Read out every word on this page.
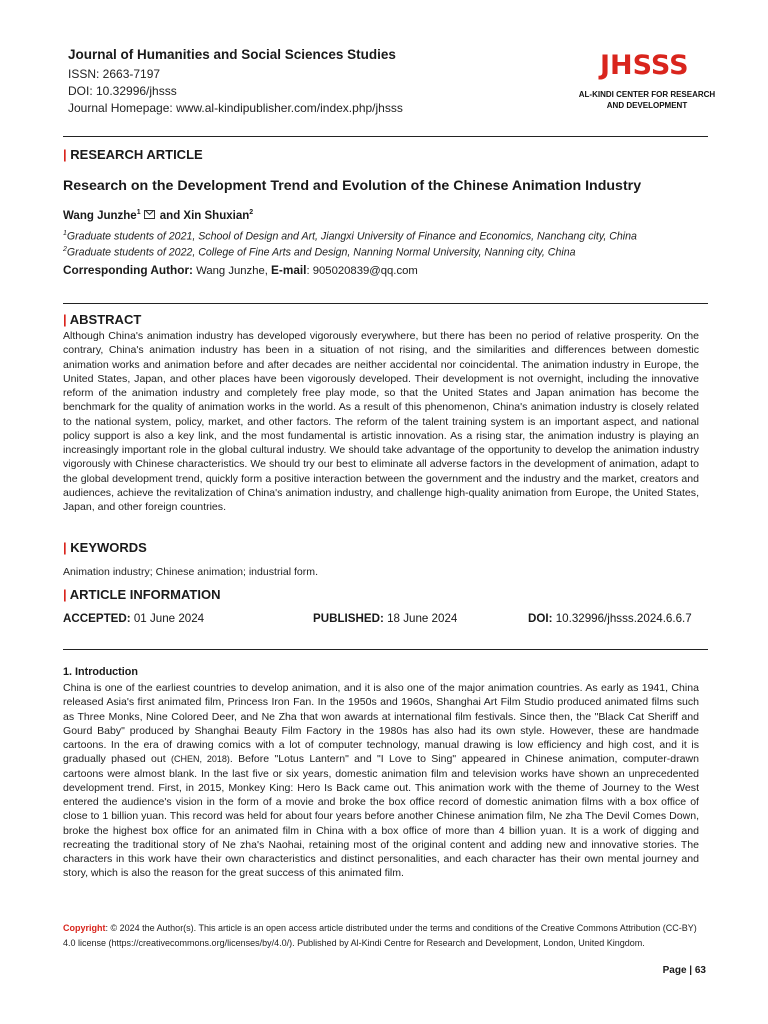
Journal of Humanities and Social Sciences Studies
ISSN: 2663-7197
DOI: 10.32996/jhsss
Journal Homepage: www.al-kindipublisher.com/index.php/jhsss
JHSSS
AL-KINDI CENTER FOR RESEARCH
AND DEVELOPMENT
| RESEARCH ARTICLE
Research on the Development Trend and Evolution of the Chinese Animation Industry
Wang Junzhe$^1$ and Xin Shuxian$^2$
$^1$Graduate students of 2021, School of Design and Art, Jiangxi University of Finance and Economics, Nanchang city, China
$^2$Graduate students of 2022, College of Fine Arts and Design, Nanning Normal University, Nanning city, China
Corresponding Author: Wang Junzhe, E-mail: 905020839@qq.com
| ABSTRACT
Although China's animation industry has developed vigorously everywhere, but there has been no period of relative prosperity. On the contrary, China's animation industry has been in a situation of not rising, and the similarities and differences between domestic animation works and animation before and after decades are neither accidental nor coincidental. The animation industry in Europe, the United States, Japan, and other places have been vigorously developed. Their development is not overnight, including the innovative reform of the animation industry and completely free play mode, so that the United States and Japan animation has become the benchmark for the quality of animation works in the world. As a result of this phenomenon, China's animation industry is closely related to the national system, policy, market, and other factors. The reform of the talent training system is an important aspect, and national policy support is also a key link, and the most fundamental is artistic innovation. As a rising star, the animation industry is playing an increasingly important role in the global cultural industry. We should take advantage of the opportunity to develop the animation industry vigorously with Chinese characteristics. We should try our best to eliminate all adverse factors in the development of animation, adapt to the global development trend, quickly form a positive interaction between the government and the industry and the market, creators and audiences, achieve the revitalization of China's animation industry, and challenge high-quality animation from Europe, the United States, Japan, and other foreign countries.
| KEYWORDS
Animation industry; Chinese animation; industrial form.
| ARTICLE INFORMATION
ACCEPTED: 01 June 2024	PUBLISHED: 18 June 2024	DOI: 10.32996/jhsss.2024.6.6.7
1. Introduction
China is one of the earliest countries to develop animation, and it is also one of the major animation countries. As early as 1941, China released Asia's first animated film, Princess Iron Fan. In the 1950s and 1960s, Shanghai Art Film Studio produced animated films such as Three Monks, Nine Colored Deer, and Ne Zha that won awards at international film festivals. Since then, the "Black Cat Sheriff and Gourd Baby" produced by Shanghai Beauty Film Factory in the 1980s has also had its own style. However, these are handmade cartoons. In the era of drawing comics with a lot of computer technology, manual drawing is low efficiency and high cost, and it is gradually phased out (CHEN, 2018). Before "Lotus Lantern" and "I Love to Sing" appeared in Chinese animation, computer-drawn cartoons were almost blank. In the last five or six years, domestic animation film and television works have shown an unprecedented development trend. First, in 2015, Monkey King: Hero Is Back came out. This animation work with the theme of Journey to the West entered the audience's vision in the form of a movie and broke the box office record of domestic animation films with a box office of close to 1 billion yuan. This record was held for about four years before another Chinese animation film, Ne zha The Devil Comes Down, broke the highest box office for an animated film in China with a box office of more than 4 billion yuan. It is a work of digging and recreating the traditional story of Ne zha's Naohai, retaining most of the original content and adding new and innovative stories. The characters in this work have their own characteristics and distinct personalities, and each character has their own mental journey and story, which is also the reason for the great success of this animated film.
Copyright: © 2024 the Author(s). This article is an open access article distributed under the terms and conditions of the Creative Commons Attribution (CC-BY) 4.0 license (https://creativecommons.org/licenses/by/4.0/). Published by Al-Kindi Centre for Research and Development, London, United Kingdom.
Page | 63
